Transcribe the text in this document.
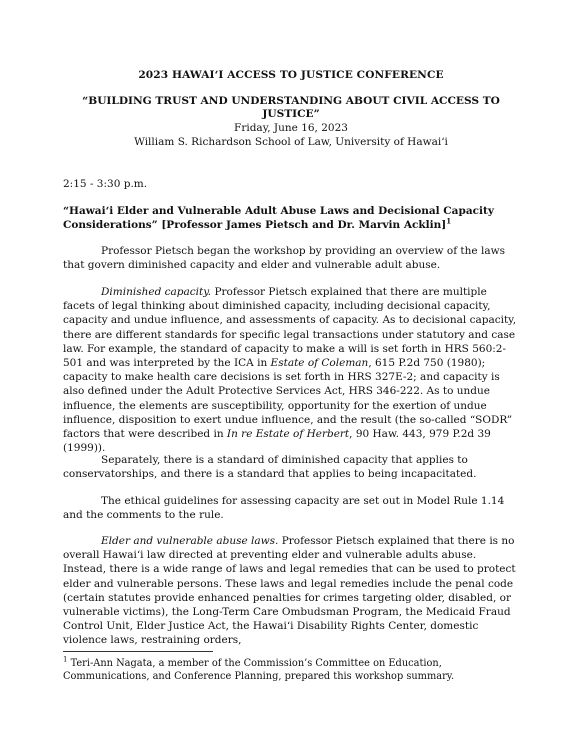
2023 HAWAIʻI ACCESS TO JUSTICE CONFERENCE
“BUILDING TRUST AND UNDERSTANDING ABOUT CIVIL ACCESS TO JUSTICE”
Friday, June 16, 2023
William S. Richardson School of Law, University of Hawaiʻi
2:15 - 3:30 p.m.
“Hawaiʻi Elder and Vulnerable Adult Abuse Laws and Decisional Capacity Considerations” [Professor James Pietsch and Dr. Marvin Acklin]$^1$
Professor Pietsch began the workshop by providing an overview of the laws that govern diminished capacity and elder and vulnerable adult abuse.
Diminished capacity. Professor Pietsch explained that there are multiple facets of legal thinking about diminished capacity, including decisional capacity, capacity and undue influence, and assessments of capacity. As to decisional capacity, there are different standards for specific legal transactions under statutory and case law. For example, the standard of capacity to make a will is set forth in HRS 560:2-501 and was interpreted by the ICA in Estate of Coleman, 615 P.2d 750 (1980); capacity to make health care decisions is set forth in HRS 327E-2; and capacity is also defined under the Adult Protective Services Act, HRS 346-222. As to undue influence, the elements are susceptibility, opportunity for the exertion of undue influence, disposition to exert undue influence, and the result (the so-called “SODR” factors that were described in In re Estate of Herbert, 90 Haw. 443, 979 P.2d 39 (1999)).
Separately, there is a standard of diminished capacity that applies to conservatorships, and there is a standard that applies to being incapacitated.
The ethical guidelines for assessing capacity are set out in Model Rule 1.14 and the comments to the rule.
Elder and vulnerable abuse laws. Professor Pietsch explained that there is no overall Hawaiʻi law directed at preventing elder and vulnerable adults abuse. Instead, there is a wide range of laws and legal remedies that can be used to protect elder and vulnerable persons. These laws and legal remedies include the penal code (certain statutes provide enhanced penalties for crimes targeting older, disabled, or vulnerable victims), the Long-Term Care Ombudsman Program, the Medicaid Fraud Control Unit, Elder Justice Act, the Hawaiʻi Disability Rights Center, domestic violence laws, restraining orders,
$^1$ Teri-Ann Nagata, a member of the Commission’s Committee on Education, Communications, and Conference Planning, prepared this workshop summary.
